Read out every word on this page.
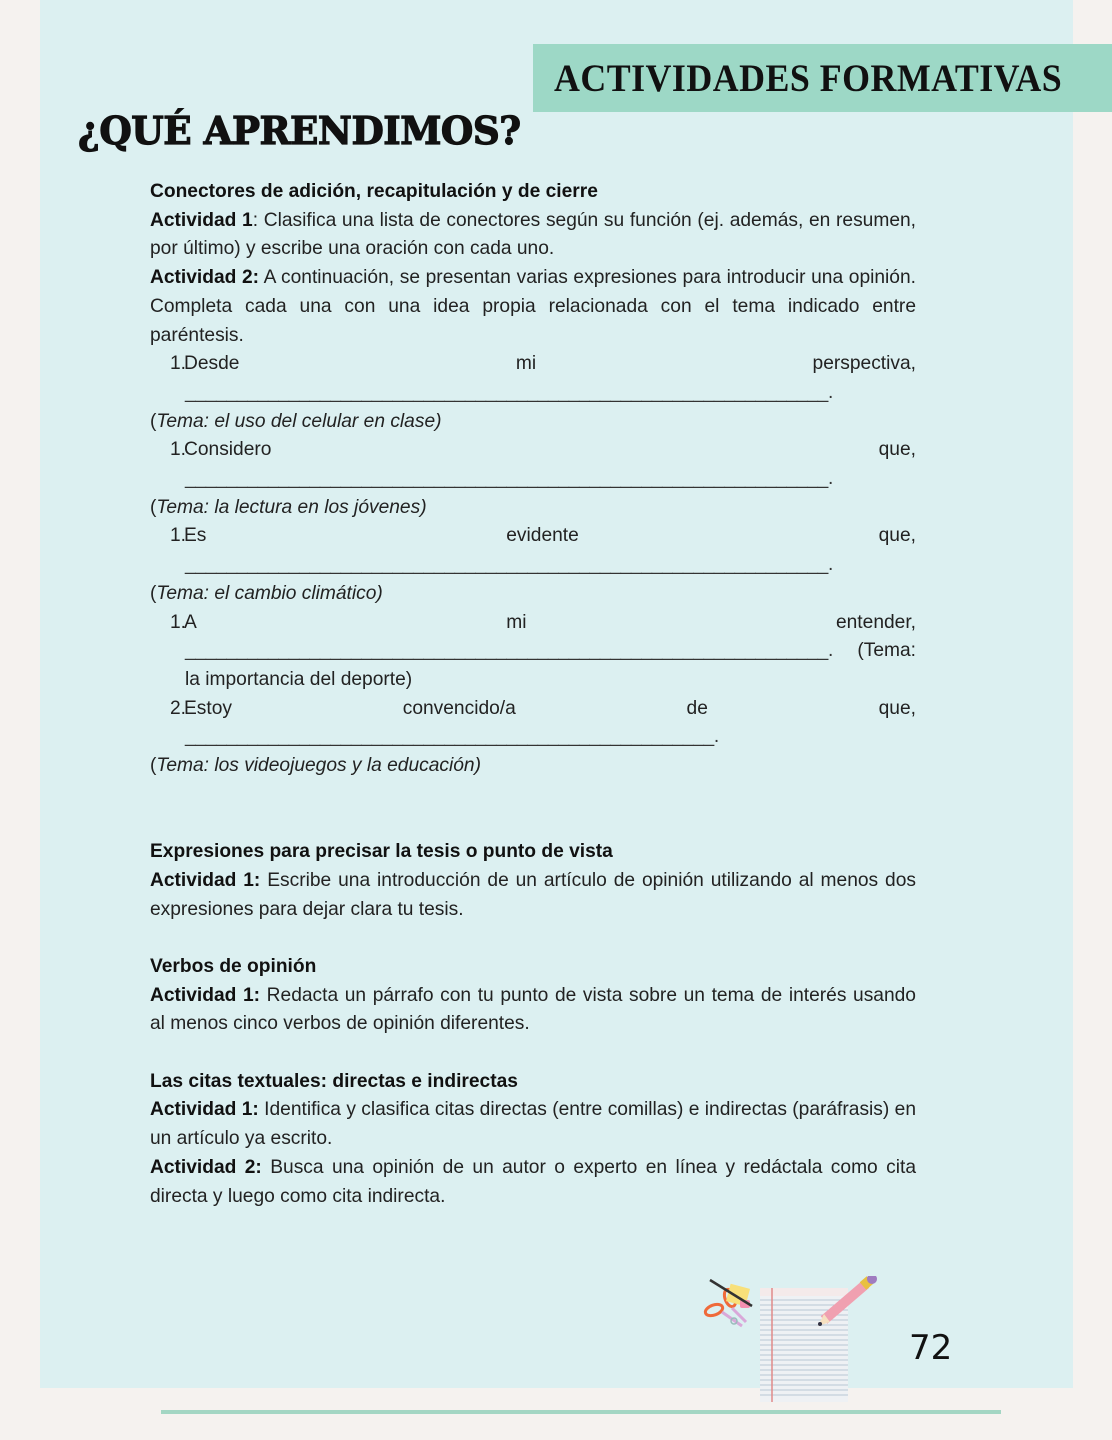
ACTIVIDADES FORMATIVAS
¿QUÉ APRENDIMOS?
Conectores de adición, recapitulación y de cierre
Actividad 1: Clasifica una lista de conectores según su función (ej. además, en resumen, por último) y escribe una oración con cada uno.
Actividad 2: A continuación, se presentan varias expresiones para introducir una opinión. Completa cada una con una idea propia relacionada con el tema indicado entre paréntesis.
1.
Desde	mi	perspectiva,
______________________________________________________________.
(Tema: el uso del celular en clase)
1.
Considero	que,
______________________________________________________________.
(Tema: la lectura en los jóvenes)
1.
Es	evidente	que,
______________________________________________________________.
(Tema: el cambio climático)
1.
A	mi	entender,
______________________________________________________________. (Tema:
la importancia del deporte)
2.
Estoy	convencido/a	de	que,
___________________________________________________.
(Tema: los videojuegos y la educación)
Expresiones para precisar la tesis o punto de vista
Actividad 1: Escribe una introducción de un artículo de opinión utilizando al menos dos expresiones para dejar clara tu tesis.
Verbos de opinión
Actividad 1: Redacta un párrafo con tu punto de vista sobre un tema de interés usando al menos cinco verbos de opinión diferentes.
Las citas textuales: directas e indirectas
Actividad 1: Identifica y clasifica citas directas (entre comillas) e indirectas (paráfrasis) en un artículo ya escrito.
Actividad 2: Busca una opinión de un autor o experto en línea y redáctala como cita directa y luego como cita indirecta.
72
